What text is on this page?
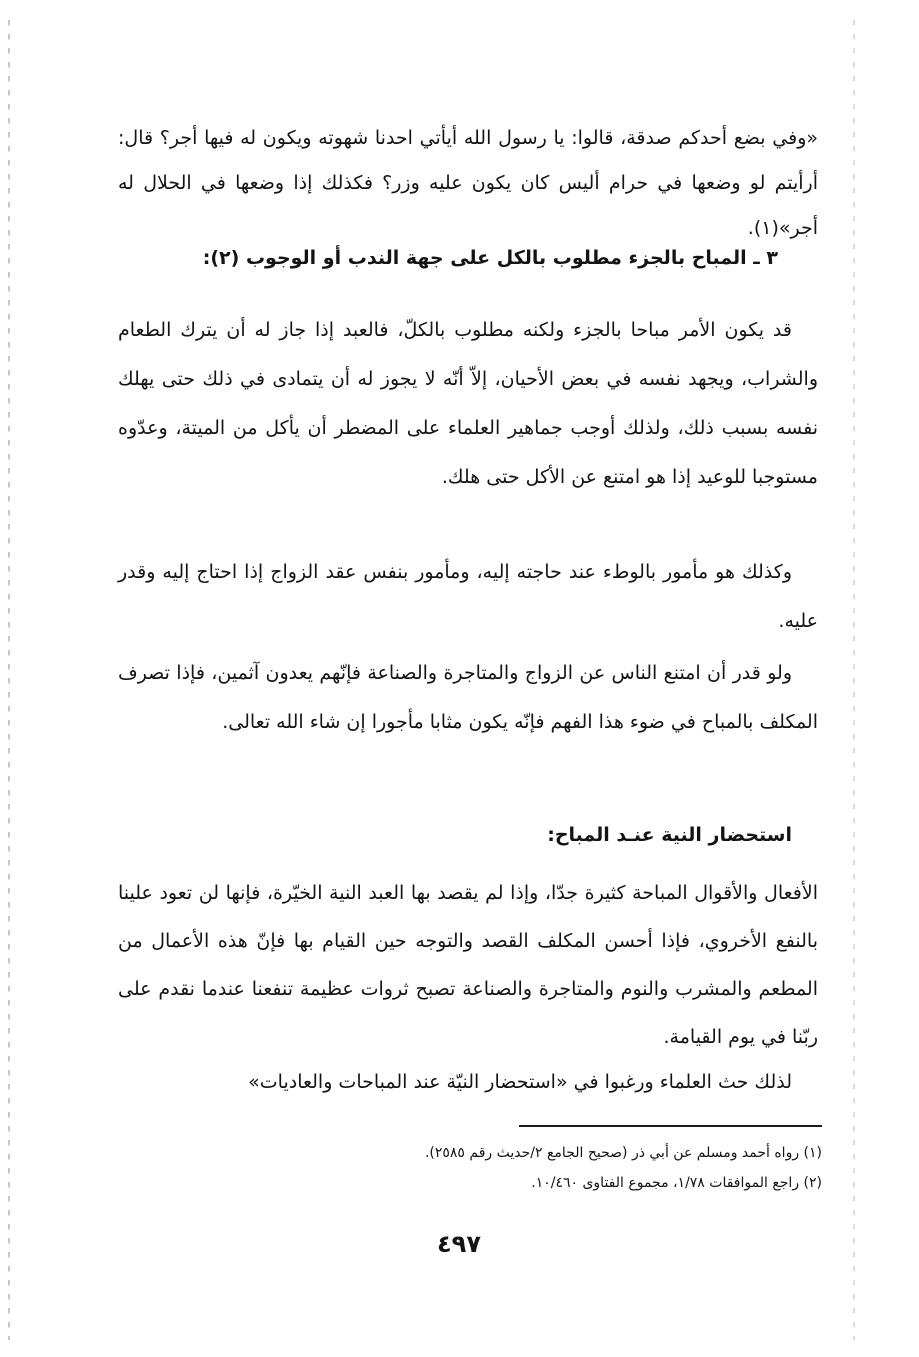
«وفي بضع أحدكم صدقة، قالوا: يا رسول الله أيأتي احدنا شهوته ويكون له فيها أجر؟ قال: أرأيتم لو وضعها في حرام أليس كان يكون عليه وزر؟ فكذلك إذا وضعها في الحلال له أجر»(١).

٣ ـ المباح بالجزء مطلوب بالكل على جهة الندب أو الوجوب (٢):

قد يكون الأمر مباحا بالجزء ولكنه مطلوب بالكلّ، فالعبد إذا جاز له أن يترك الطعام والشراب، ويجهد نفسه في بعض الأحيان، إلاّ أنّه لا يجوز له أن يتمادى في ذلك حتى يهلك نفسه بسبب ذلك، ولذلك أوجب جماهير العلماء على المضطر أن يأكل من الميتة، وعدّوه مستوجبا للوعيد إذا هو امتنع عن الأكل حتى هلك.

وكذلك هو مأمور بالوطء عند حاجته إليه، ومأمور بنفس عقد الزواج إذا احتاج إليه وقدر عليه.

ولو قدر أن امتنع الناس عن الزواج والمتاجرة والصناعة فإنّهم يعدون آثمين، فإذا تصرف المكلف بالمباح في ضوء هذا الفهم فإنّه يكون مثابا مأجورا إن شاء الله تعالى.

استحضار النية عنـد المباح:

الأفعال والأقوال المباحة كثيرة جدّا، وإذا لم يقصد بها العبد النية الخيّرة، فإنها لن تعود علينا بالنفع الأخروي، فإذا أحسن المكلف القصد والتوجه حين القيام بها فإنّ هذه الأعمال من المطعم والمشرب والنوم والمتاجرة والصناعة تصبح ثروات عظيمة تنفعنا عندما نقدم على ربّنا في يوم القيامة.

لذلك حث العلماء ورغبوا في «استحضار النيّة عند المباحات والعاديات»

(١) رواه أحمد ومسلم عن أبي ذر (صحيح الجامع ٢/حديث رقم ٢٥٨٥).
(٢) راجع الموافقات ١/٧٨، مجموع الفتاوى ١٠/٤٦٠.
٤٩٧
